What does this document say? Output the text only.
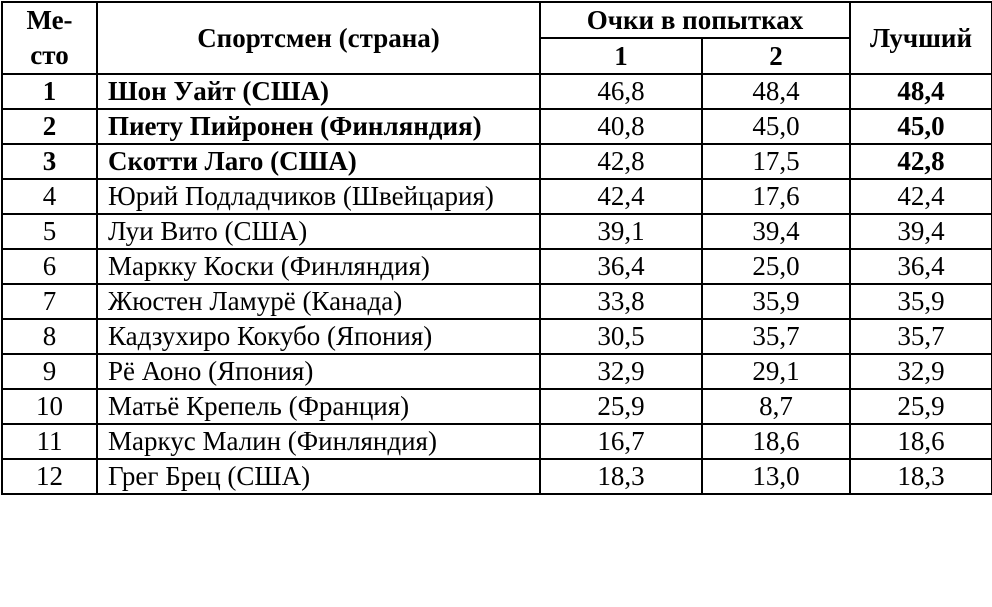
Ме-
сто	Спортсмен (страна)	Очки в попытках		Лучший
		1	2	
1	Шон Уайт (США)	46,8	48,4	48,4
2	Пиету Пийронен (Финляндия)	40,8	45,0	45,0
3	Скотти Лаго (США)	42,8	17,5	42,8
4	Юрий Подладчиков (Швейцария)	42,4	17,6	42,4
5	Луи Вито (США)	39,1	39,4	39,4
6	Маркку Коски (Финляндия)	36,4	25,0	36,4
7	Жюстен Ламурё (Канада)	33,8	35,9	35,9
8	Кадзухиро Кокубо (Япония)	30,5	35,7	35,7
9	Рё Аоно (Япония)	32,9	29,1	32,9
10	Матьё Крепель (Франция)	25,9	8,7	25,9
11	Маркус Малин (Финляндия)	16,7	18,6	18,6
12	Грег Брец (США)	18,3	13,0	18,3
